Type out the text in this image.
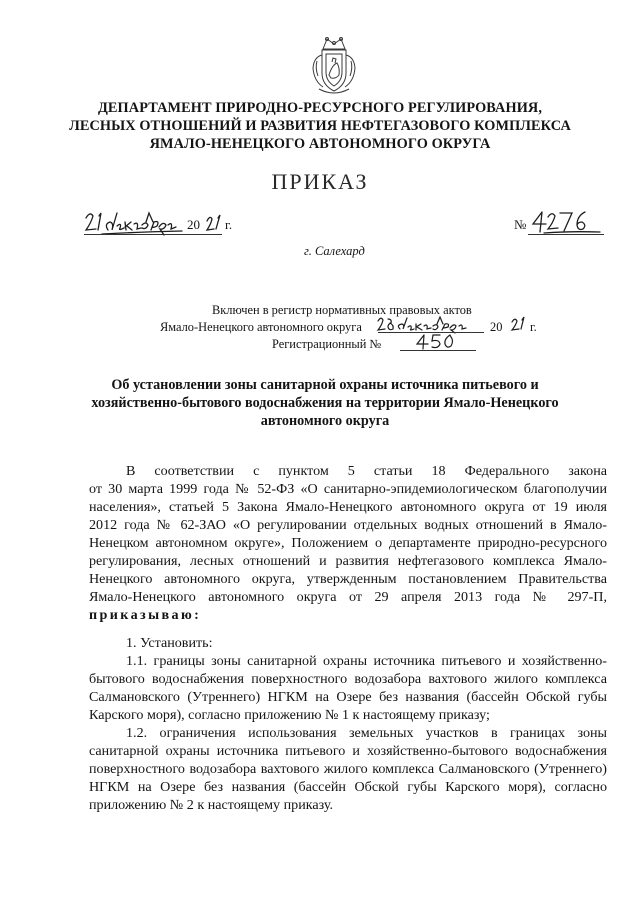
ДЕПАРТАМЕНТ ПРИРОДНО-РЕСУРСНОГО РЕГУЛИРОВАНИЯ,
ЛЕСНЫХ ОТНОШЕНИЙ И РАЗВИТИЯ НЕФТЕГАЗОВОГО КОМПЛЕКСА
ЯМАЛО-НЕНЕЦКОГО АВТОНОМНОГО ОКРУГА
ПРИКАЗ
20 г.	№
г. Салехард
Включен в регистр нормативных правовых актов
Ямало-Ненецкого автономного округа	20 г.
Регистрационный №
Об установлении зоны санитарной охраны источника питьевого и хозяйственно-бытового водоснабжения на территории Ямало-Ненецкого автономного округа

В соответствии с пунктом 5 статьи 18 Федерального закона
от 30 марта 1999 года № 52-ФЗ «О санитарно-эпидемиологическом благополучии
населения», статьей 5 Закона Ямало-Ненецкого автономного округа от 19 июля
2012 года № 62-ЗАО «О регулировании отдельных водных отношений в Ямало-
Ненецком автономном округе», Положением о департаменте природно-ресурсного
регулирования, лесных отношений и развития нефтегазового комплекса Ямало-
Ненецкого автономного округа, утвержденным постановлением Правительства
Ямало-Ненецкого автономного округа от 29 апреля 2013 года № 297-П,
приказываю:

1. Установить:

1.1. границы зоны санитарной охраны источника питьевого и хозяйственно-бытового водоснабжения поверхностного водозабора вахтового жилого комплекса Салмановского (Утреннего) НГКМ на Озере без названия (бассейн Обской губы Карского моря), согласно приложению № 1 к настоящему приказу;

1.2. ограничения использования земельных участков в границах зоны санитарной охраны источника питьевого и хозяйственно-бытового водоснабжения поверхностного водозабора вахтового жилого комплекса Салмановского (Утреннего) НГКМ на Озере без названия (бассейн Обской губы Карского моря), согласно приложению № 2 к настоящему приказу.
